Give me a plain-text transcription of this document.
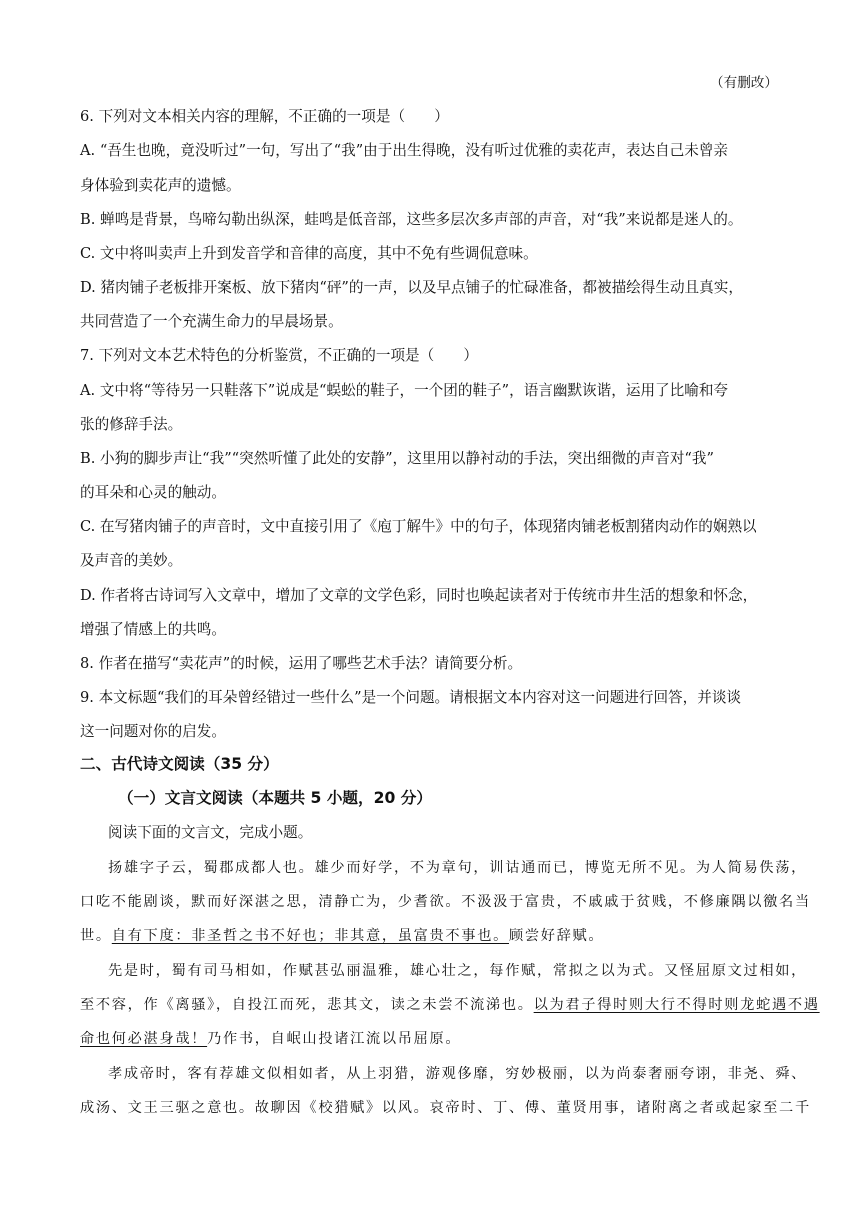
（有删改）
6. 下列对文本相关内容的理解，不正确的一项是（　　）
A. “吾生也晚，竟没听过”一句，写出了“我”由于出生得晚，没有听过优雅的卖花声，表达自己未曾亲
身体验到卖花声的遗憾。
B. 蝉鸣是背景，鸟啼勾勒出纵深，蛙鸣是低音部，这些多层次多声部的声音，对“我”来说都是迷人的。
C. 文中将叫卖声上升到发音学和音律的高度，其中不免有些调侃意味。
D. 猪肉铺子老板排开案板、放下猪肉“砰”的一声，以及早点铺子的忙碌准备，都被描绘得生动且真实，
共同营造了一个充满生命力的早晨场景。
7. 下列对文本艺术特色的分析鉴赏，不正确的一项是（　　）
A. 文中将“等待另一只鞋落下”说成是“蜈蚣的鞋子，一个团的鞋子”，语言幽默诙谐，运用了比喻和夸
张的修辞手法。
B. 小狗的脚步声让“我”“突然听懂了此处的安静”，这里用以静衬动的手法，突出细微的声音对“我”
的耳朵和心灵的触动。
C. 在写猪肉铺子的声音时，文中直接引用了《庖丁解牛》中的句子，体现猪肉铺老板割猪肉动作的娴熟以
及声音的美妙。
D. 作者将古诗词写入文章中，增加了文章的文学色彩，同时也唤起读者对于传统市井生活的想象和怀念，
增强了情感上的共鸣。
8. 作者在描写“卖花声”的时候，运用了哪些艺术手法？请简要分析。
9. 本文标题“我们的耳朵曾经错过一些什么”是一个问题。请根据文本内容对这一问题进行回答，并谈谈
这一问题对你的启发。
二、古代诗文阅读（35 分）
（一）文言文阅读（本题共 5 小题，20 分）
阅读下面的文言文，完成小题。
扬雄字子云，蜀郡成都人也。雄少而好学，不为章句，训诂通而已，博览无所不见。为人简易佚荡，
口吃不能剧谈，默而好深湛之思，清静亡为，少耆欲。不汲汲于富贵，不戚戚于贫贱，不修廉隅以徼名当
世。自有下度：非圣哲之书不好也；非其意，虽富贵不事也。顾尝好辞赋。
先是时，蜀有司马相如，作赋甚弘丽温雅，雄心壮之，每作赋，常拟之以为式。又怪屈原文过相如，
至不容，作《离骚》，自投江而死，悲其文，读之未尝不流涕也。以为君子得时则大行不得时则龙蛇遇不遇
命也何必湛身哉！乃作书，自岷山投诸江流以吊屈原。
孝成帝时，客有荐雄文似相如者，从上羽猎，游观侈靡，穷妙极丽，以为尚泰奢丽夸诩，非尧、舜、
成汤、文王三驱之意也。故聊因《校猎赋》以风。哀帝时、丁、傅、董贤用事，诸附离之者或起家至二千
